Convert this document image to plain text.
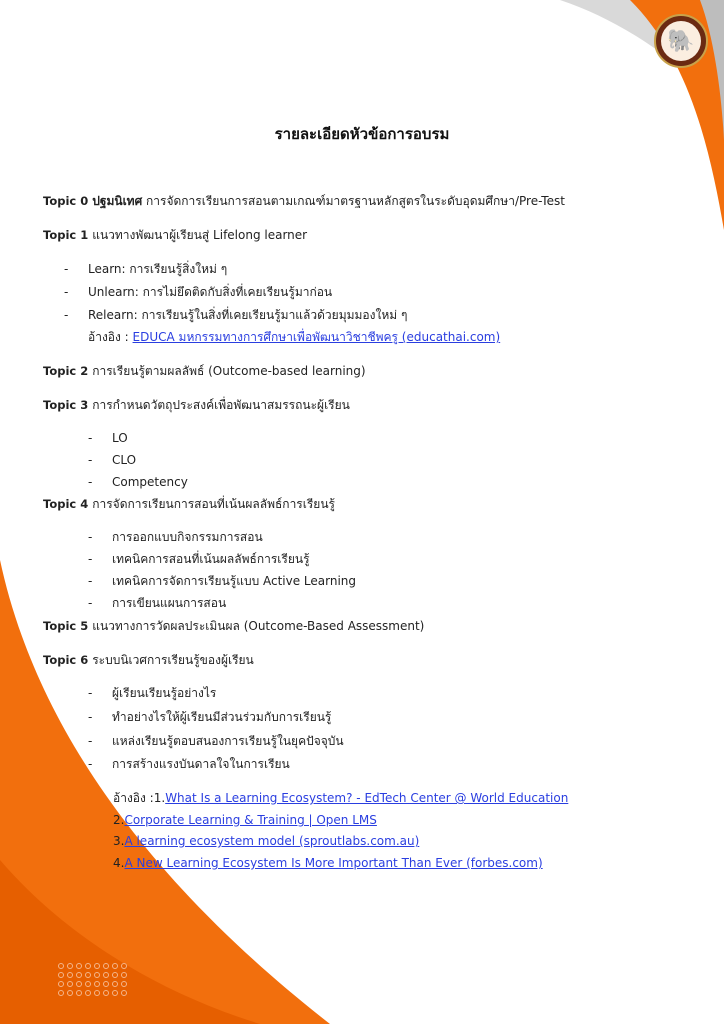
🐘
รายละเอียดหัวข้อการอบรม
Topic 0 ปฐมนิเทศ การจัดการเรียนการสอนตามเกณฑ์มาตรฐานหลักสูตรในระดับอุดมศึกษา/Pre-Test
Topic 1 แนวทางพัฒนาผู้เรียนสู่ Lifelong learner
- Learn: การเรียนรู้สิ่งใหม่ ๆ
- Unlearn: การไม่ยึดติดกับสิ่งที่เคยเรียนรู้มาก่อน
- Relearn: การเรียนรู้ในสิ่งที่เคยเรียนรู้มาแล้วด้วยมุมมองใหม่ ๆ
อ้างอิง : EDUCA มหกรรมทางการศึกษาเพื่อพัฒนาวิชาชีพครู (educathai.com)
Topic 2 การเรียนรู้ตามผลลัพธ์ (Outcome-based learning)
Topic 3 การกำหนดวัตถุประสงค์เพื่อพัฒนาสมรรถนะผู้เรียน
- LO
- CLO
- Competency
Topic 4 การจัดการเรียนการสอนที่เน้นผลลัพธ์การเรียนรู้
- การออกแบบกิจกรรมการสอน
- เทคนิคการสอนที่เน้นผลลัพธ์การเรียนรู้
- เทคนิคการจัดการเรียนรู้แบบ Active Learning
- การเขียนแผนการสอน
Topic 5 แนวทางการวัดผลประเมินผล (Outcome-Based Assessment)
Topic 6 ระบบนิเวศการเรียนรู้ของผู้เรียน
- ผู้เรียนเรียนรู้อย่างไร
- ทำอย่างไรให้ผู้เรียนมีส่วนร่วมกับการเรียนรู้
- แหล่งเรียนรู้ตอบสนองการเรียนรู้ในยุคปัจจุบัน
- การสร้างแรงบันดาลใจในการเรียน
อ้างอิง :1.What Is a Learning Ecosystem? - EdTech Center @ World Education
2.Corporate Learning & Training | Open LMS
3.A learning ecosystem model (sproutlabs.com.au)
4.A New Learning Ecosystem Is More Important Than Ever (forbes.com)
